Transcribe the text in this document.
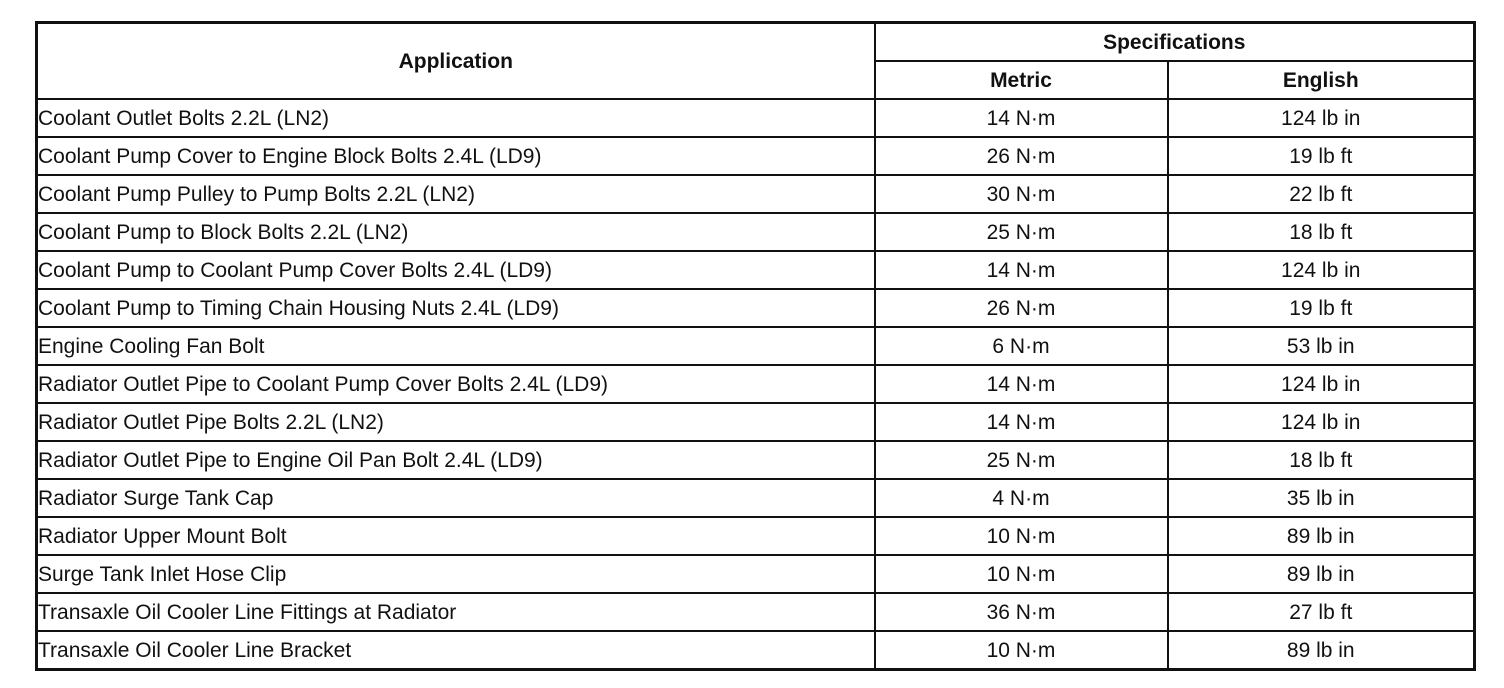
Application	Specifications	
	Metric	English
Coolant Outlet Bolts 2.2L (LN2)	14 N·m	124 lb in
Coolant Pump Cover to Engine Block Bolts 2.4L (LD9)	26 N·m	19 lb ft
Coolant Pump Pulley to Pump Bolts 2.2L (LN2)	30 N·m	22 lb ft
Coolant Pump to Block Bolts 2.2L (LN2)	25 N·m	18 lb ft
Coolant Pump to Coolant Pump Cover Bolts 2.4L (LD9)	14 N·m	124 lb in
Coolant Pump to Timing Chain Housing Nuts 2.4L (LD9)	26 N·m	19 lb ft
Engine Cooling Fan Bolt	6 N·m	53 lb in
Radiator Outlet Pipe to Coolant Pump Cover Bolts 2.4L (LD9)	14 N·m	124 lb in
Radiator Outlet Pipe Bolts 2.2L (LN2)	14 N·m	124 lb in
Radiator Outlet Pipe to Engine Oil Pan Bolt 2.4L (LD9)	25 N·m	18 lb ft
Radiator Surge Tank Cap	4 N·m	35 lb in
Radiator Upper Mount Bolt	10 N·m	89 lb in
Surge Tank Inlet Hose Clip	10 N·m	89 lb in
Transaxle Oil Cooler Line Fittings at Radiator	36 N·m	27 lb ft
Transaxle Oil Cooler Line Bracket	10 N·m	89 lb in
